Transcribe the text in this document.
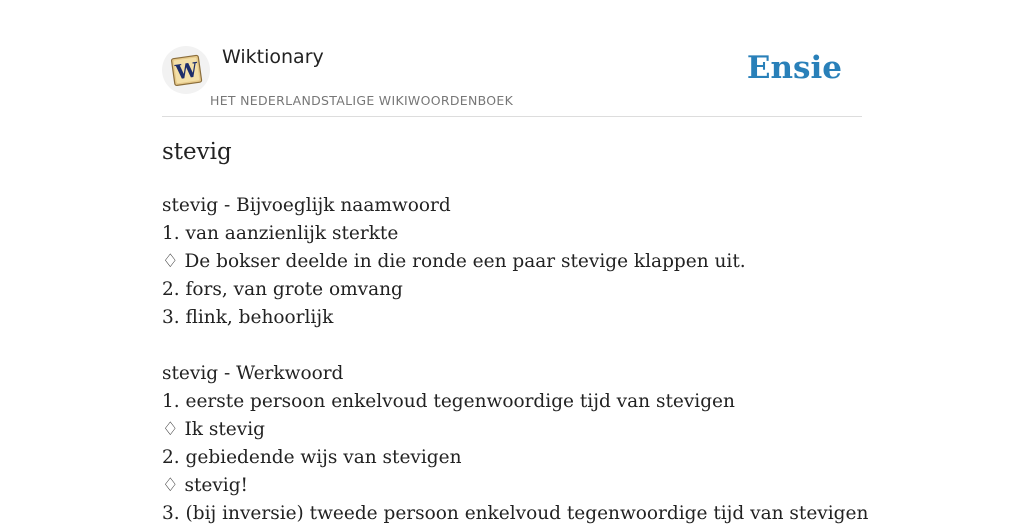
W
Wiktionary
HET NEDERLANDSTALIGE WIKIWOORDENBOEK
Ensie
stevig
stevig - Bijvoeglijk naamwoord
1. van aanzienlijk sterkte
♢ De bokser deelde in die ronde een paar stevige klappen uit.
2. fors, van grote omvang
3. flink, behoorlijk
stevig - Werkwoord
1. eerste persoon enkelvoud tegenwoordige tijd van stevigen
♢ Ik stevig
2. gebiedende wijs van stevigen
♢ stevig!
3. (bij inversie) tweede persoon enkelvoud tegenwoordige tijd van stevigen
